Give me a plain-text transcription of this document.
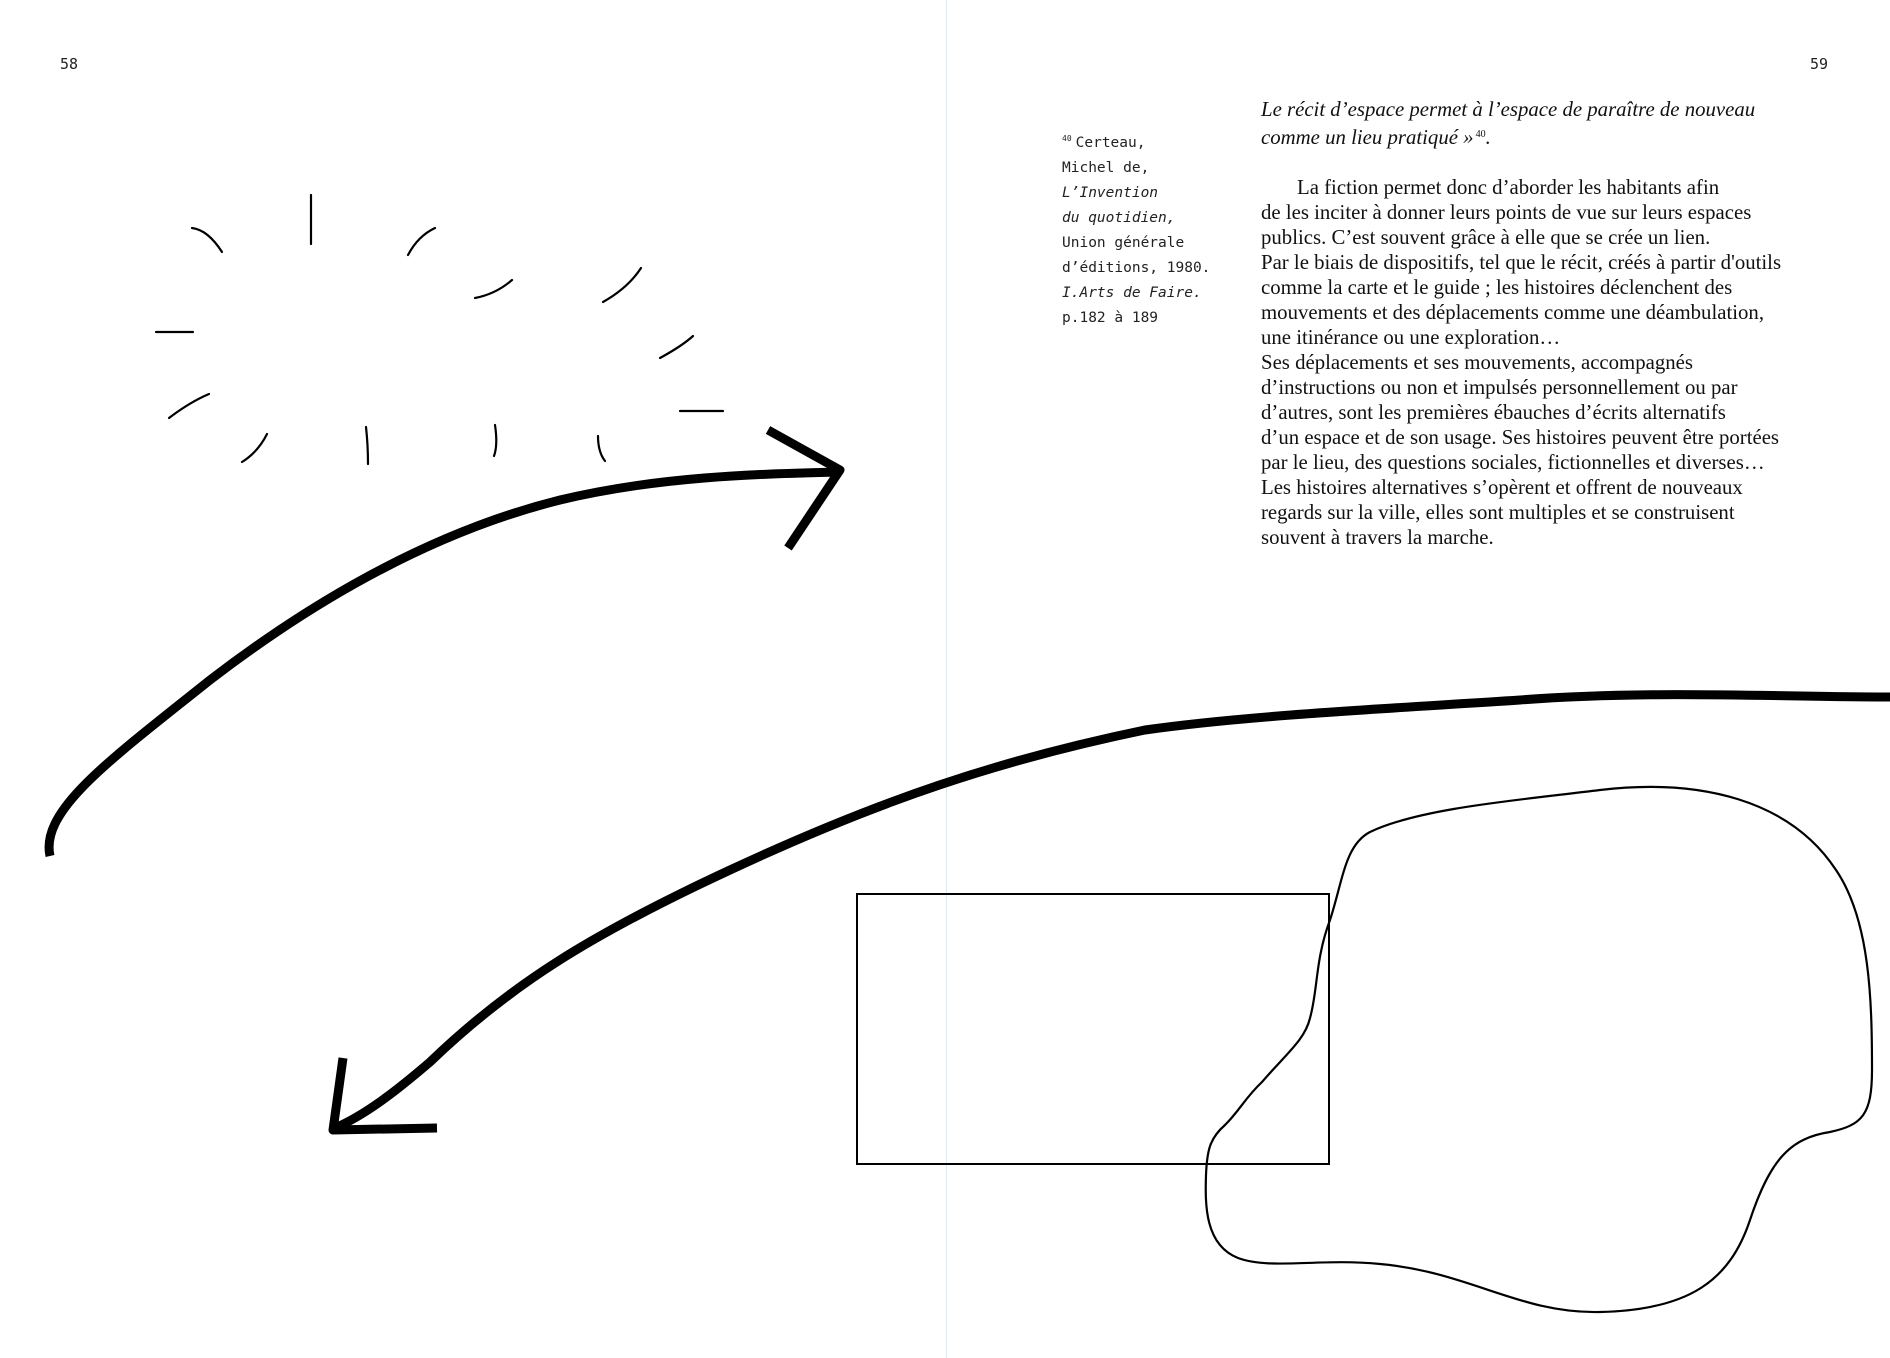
58	59
$^{40}$ Certeau,
Michel de,
L’Invention
du quotidien,
Union générale
d’éditions, 1980.
I.Arts de Faire.
p.182 à 189
Le récit d’espace permet à l’espace de paraître de nouveau
comme un lieu pratiqué » $^{40}$.
La fiction permet donc d’aborder les habitants afin
de les inciter à donner leurs points de vue sur leurs espaces
publics. C’est souvent grâce à elle que se crée un lien.
Par le biais de dispositifs, tel que le récit, créés à partir d'outils
comme la carte et le guide ; les histoires déclenchent des
mouvements et des déplacements comme une déambulation,
une itinérance ou une exploration…
Ses déplacements et ses mouvements, accompagnés
d’instructions ou non et impulsés personnellement ou par
d’autres, sont les premières ébauches d’écrits alternatifs
d’un espace et de son usage. Ses histoires peuvent être portées
par le lieu, des questions sociales, fictionnelles et diverses…
Les histoires alternatives s’opèrent et offrent de nouveaux
regards sur la ville, elles sont multiples et se construisent
souvent à travers la marche.
